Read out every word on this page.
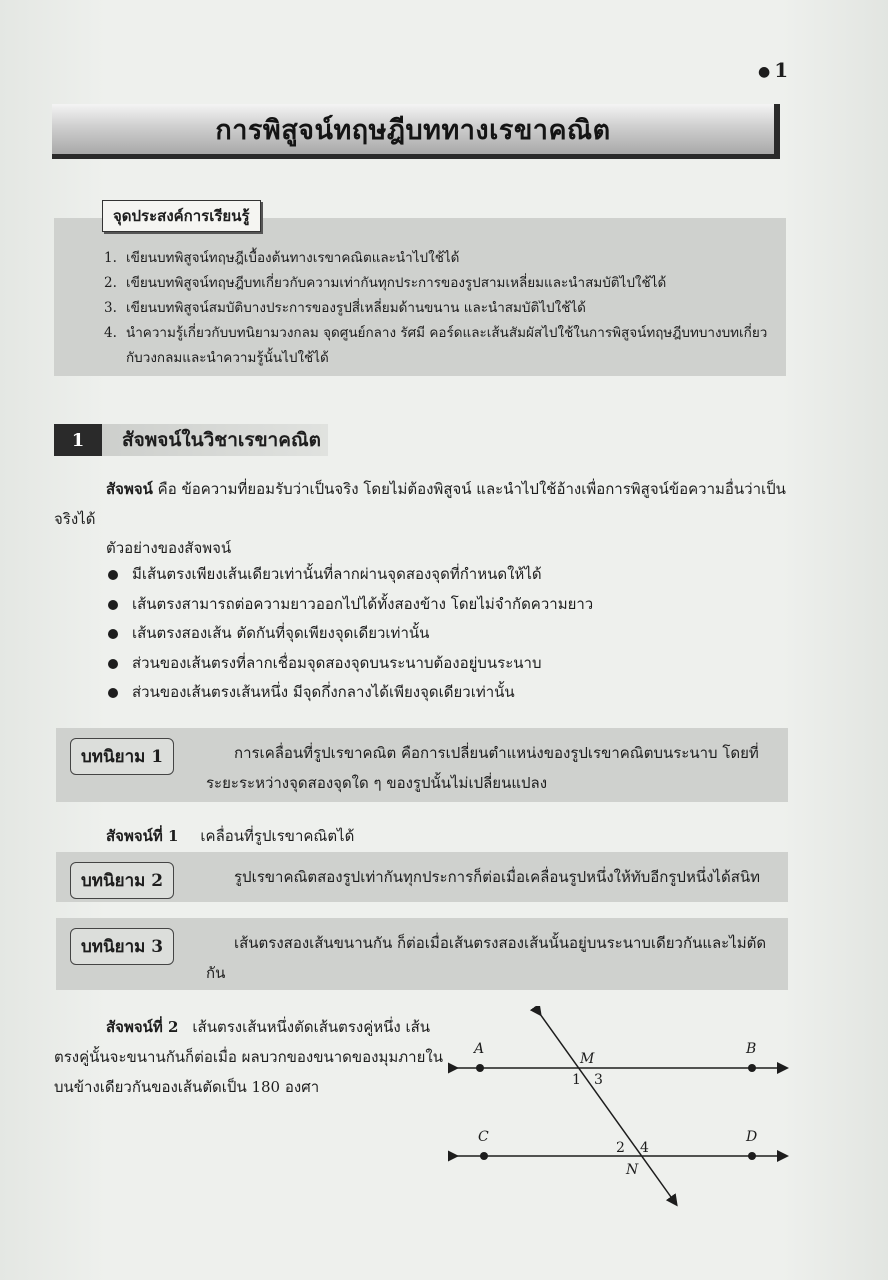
● 1
การพิสูจน์ทฤษฎีบททางเรขาคณิต
จุดประสงค์การเรียนรู้
1. เขียนบทพิสูจน์ทฤษฎีเบื้องต้นทางเรขาคณิตและนำไปใช้ได้
2. เขียนบทพิสูจน์ทฤษฎีบทเกี่ยวกับความเท่ากันทุกประการของรูปสามเหลี่ยมและนำสมบัติไปใช้ได้
3. เขียนบทพิสูจน์สมบัติบางประการของรูปสี่เหลี่ยมด้านขนาน และนำสมบัติไปใช้ได้
4. นำความรู้เกี่ยวกับบทนิยามวงกลม จุดศูนย์กลาง รัศมี คอร์ดและเส้นสัมผัสไปใช้ในการพิสูจน์ทฤษฎีบทบางบทเกี่ยวกับวงกลมและนำความรู้นั้นไปใช้ได้
1	สัจพจน์ในวิชาเรขาคณิต
สัจพจน์ คือ ข้อความที่ยอมรับว่าเป็นจริง โดยไม่ต้องพิสูจน์ และนำไปใช้อ้างเพื่อการพิสูจน์ข้อความอื่นว่าเป็นจริงได้
ตัวอย่างของสัจพจน์
มีเส้นตรงเพียงเส้นเดียวเท่านั้นที่ลากผ่านจุดสองจุดที่กำหนดให้ได้
เส้นตรงสามารถต่อความยาวออกไปได้ทั้งสองข้าง โดยไม่จำกัดความยาว
เส้นตรงสองเส้น ตัดกันที่จุดเพียงจุดเดียวเท่านั้น
ส่วนของเส้นตรงที่ลากเชื่อมจุดสองจุดบนระนาบต้องอยู่บนระนาบ
ส่วนของเส้นตรงเส้นหนึ่ง มีจุดกึ่งกลางได้เพียงจุดเดียวเท่านั้น
บทนิยาม 1	การเคลื่อนที่รูปเรขาคณิต คือการเปลี่ยนตำแหน่งของรูปเรขาคณิตบนระนาบ โดยที่ระยะระหว่างจุดสองจุดใด ๆ ของรูปนั้นไม่เปลี่ยนแปลง
สัจพจน์ที่ 1 เคลื่อนที่รูปเรขาคณิตได้
บทนิยาม 2	รูปเรขาคณิตสองรูปเท่ากันทุกประการก็ต่อเมื่อเคลื่อนรูปหนึ่งให้ทับอีกรูปหนึ่งได้สนิท
บทนิยาม 3	เส้นตรงสองเส้นขนานกัน ก็ต่อเมื่อเส้นตรงสองเส้นนั้นอยู่บนระนาบเดียวกันและไม่ตัดกัน
สัจพจน์ที่ 2 เส้นตรงเส้นหนึ่งตัดเส้นตรงคู่หนึ่ง เส้นตรงคู่นั้นจะขนานกันก็ต่อเมื่อ ผลบวกของขนาดของมุมภายในบนข้างเดียวกันของเส้นตัดเป็น 180 องศา
A	B
C	D
M
N
1 3
2 4
